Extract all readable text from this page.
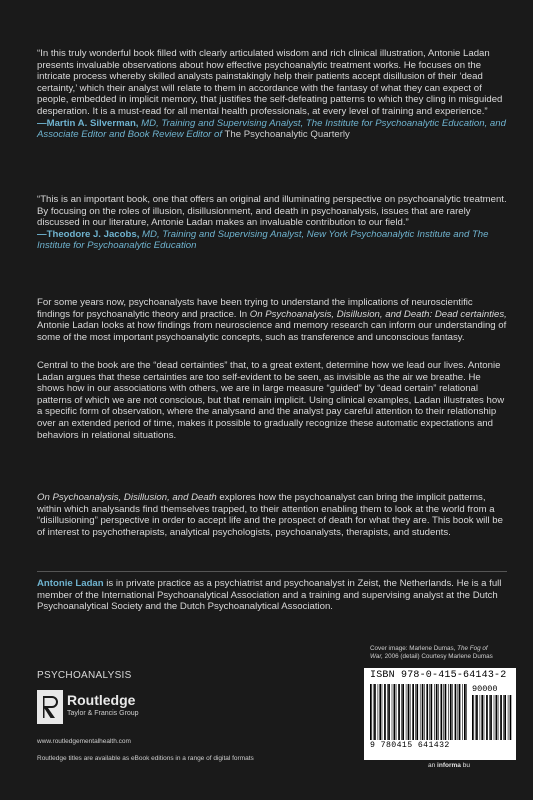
“In this truly wonderful book filled with clearly articulated wisdom and rich clinical illustration, Antonie Ladan presents invaluable observations about how effective psychoanalytic treatment works. He focuses on the intricate process whereby skilled analysts painstakingly help their patients accept disillusion of their ‘dead certainty,’ which their analyst will relate to them in accordance with the fantasy of what they can expect of people, embedded in implicit memory, that justifies the self-defeating patterns to which they cling in misguided desperation. It is a must-read for all mental health professionals, at every level of training and experience.”

—Martin A. Silverman, MD, Training and Supervising Analyst, The Institute for Psychoanalytic Education, and Associate Editor and Book Review Editor of The Psychoanalytic Quarterly

“This is an important book, one that offers an original and illuminating perspective on psychoanalytic treatment. By focusing on the roles of illusion, disillusionment, and death in psychoanalysis, issues that are rarely discussed in our literature, Antonie Ladan makes an invaluable contribution to our field.”

—Theodore J. Jacobs, MD, Training and Supervising Analyst, New York Psychoanalytic Institute and The Institute for Psychoanalytic Education

For some years now, psychoanalysts have been trying to understand the implications of neuroscientific findings for psychoanalytic theory and practice. In On Psychoanalysis, Disillusion, and Death: Dead certainties, Antonie Ladan looks at how findings from neuroscience and memory research can inform our understanding of some of the most important psychoanalytic concepts, such as transference and unconscious fantasy.

Central to the book are the “dead certainties” that, to a great extent, determine how we lead our lives. Antonie Ladan argues that these certainties are too self-evident to be seen, as invisible as the air we breathe. He shows how in our associations with others, we are in large measure “guided” by “dead certain” relational patterns of which we are not conscious, but that remain implicit. Using clinical examples, Ladan illustrates how a specific form of observation, where the analysand and the analyst pay careful attention to their relationship over an extended period of time, makes it possible to gradually recognize these automatic expectations and behaviors in relational situations.

On Psychoanalysis, Disillusion, and Death explores how the psychoanalyst can bring the implicit patterns, within which analysands find themselves trapped, to their attention enabling them to look at the world from a “disillusioning” perspective in order to accept life and the prospect of death for what they are. This book will be of interest to psychotherapists, analytical psychologists, psychoanalysts, therapists, and students.

Antonie Ladan is in private practice as a psychiatrist and psychoanalyst in Zeist, the Netherlands. He is a full member of the International Psychoanalytical Association and a training and supervising analyst at the Dutch Psychoanalytical Society and the Dutch Psychoanalytical Association.

PSYCHOANALYSIS
Routledge
Taylor & Francis Group
www.routledgementalhealth.com
Routledge titles are available as eBook editions in a range of digital formats
Cover image: Marlene Dumas, The Fog of War, 2006 (detail) Courtesy Marlene Dumas
ISBN 978-0-415-64143-2
9 780415 641432
90000
an informa bu
